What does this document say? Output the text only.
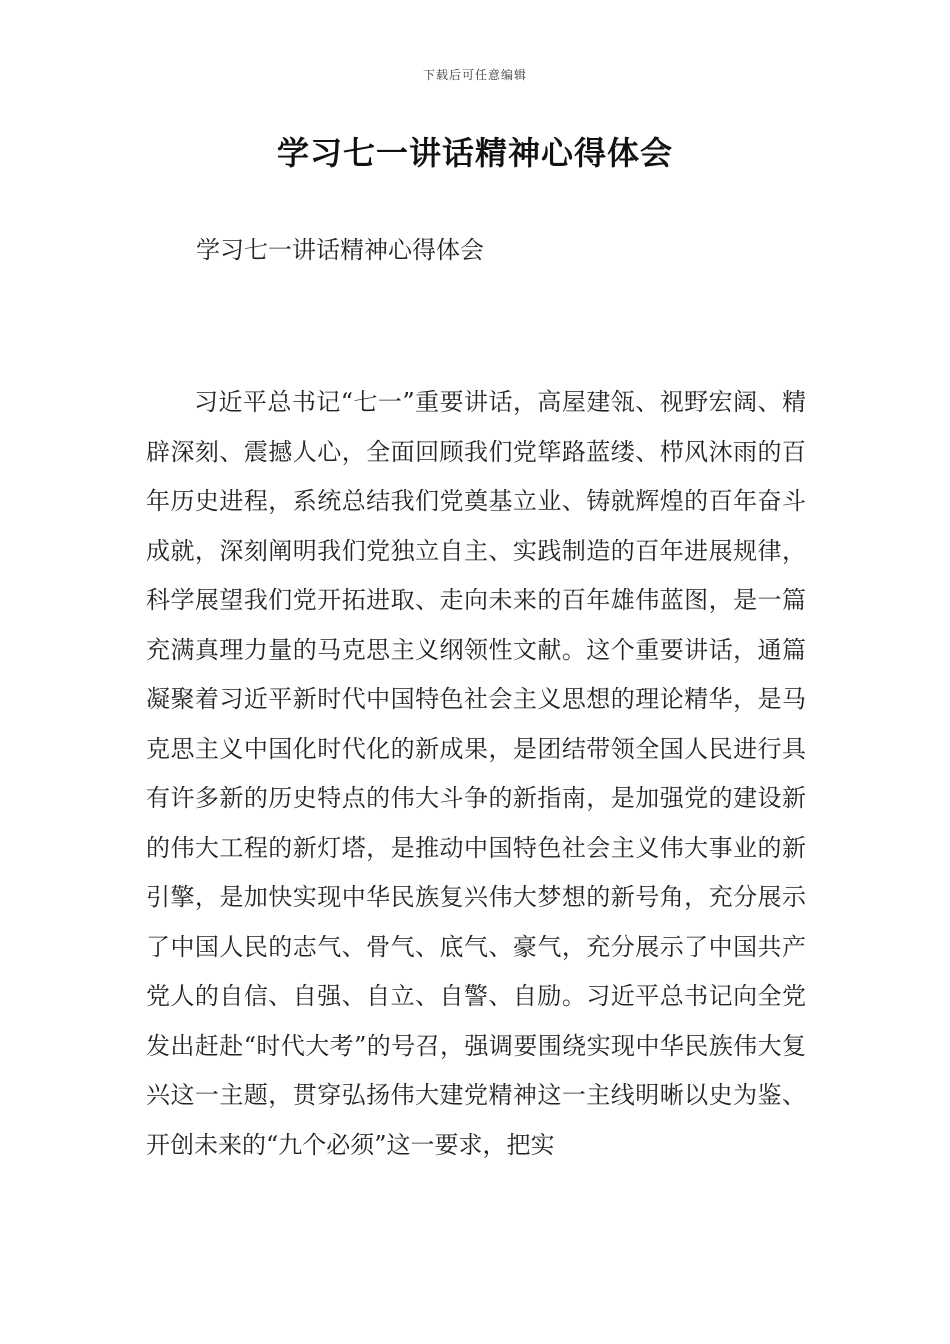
下载后可任意编辑
学习七一讲话精神心得体会

学习七一讲话精神心得体会

习近平总书记“七一”重要讲话，高屋建瓴、视野宏阔、精辟深刻、震撼人心，全面回顾我们党筚路蓝缕、栉风沐雨的百年历史进程，系统总结我们党奠基立业、铸就辉煌的百年奋斗成就，深刻阐明我们党独立自主、实践制造的百年进展规律，科学展望我们党开拓进取、走向未来的百年雄伟蓝图，是一篇充满真理力量的马克思主义纲领性文献。这个重要讲话，通篇凝聚着习近平新时代中国特色社会主义思想的理论精华，是马克思主义中国化时代化的新成果，是团结带领全国人民进行具有许多新的历史特点的伟大斗争的新指南，是加强党的建设新的伟大工程的新灯塔，是推动中国特色社会主义伟大事业的新引擎，是加快实现中华民族复兴伟大梦想的新号角，充分展示了中国人民的志气、骨气、底气、豪气，充分展示了中国共产党人的自信、自强、自立、自警、自励。习近平总书记向全党发出赶赴“时代大考”的号召，强调要围绕实现中华民族伟大复兴这一主题，贯穿弘扬伟大建党精神这一主线明晰以史为鉴、开创未来的“九个必须”这一要求，把实
